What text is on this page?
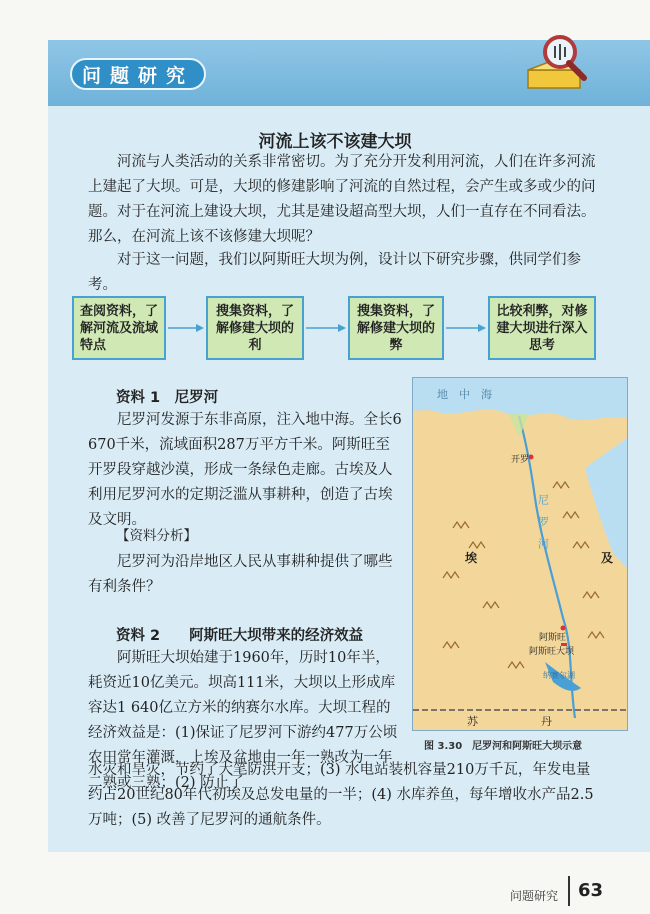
问题研究
河流上该不该建大坝

河流与人类活动的关系非常密切。为了充分开发利用河流，人们在许多河流上建起了大坝。可是，大坝的修建影响了河流的自然过程，会产生或多或少的问题。对于在河流上建设大坝，尤其是建设超高型大坝，人们一直存在不同看法。那么，在河流上该不该修建大坝呢？

对于这一问题，我们以阿斯旺大坝为例，设计以下研究步骤，供同学们参考。

查阅资料，了解河流及流域特点
搜集资料，了解修建大坝的利
搜集资料，了解修建大坝的弊
比较利弊，对修建大坝进行深入思考
资料 1　尼罗河

尼罗河发源于东非高原，注入地中海。全长6 670千米，流域面积287万平方千米。阿斯旺至开罗段穿越沙漠，形成一条绿色走廊。古埃及人利用尼罗河水的定期泛滥从事耕种，创造了古埃及文明。

【资料分析】

尼罗河为沿岸地区人民从事耕种提供了哪些有利条件？

资料 2　　阿斯旺大坝带来的经济效益

阿斯旺大坝始建于1960年，历时10年半，耗资近10亿美元。坝高111米，大坝以上形成库容达1 640亿立方米的纳赛尔水库。大坝工程的经济效益是：(1)保证了尼罗河下游约477万公顷农田常年灌溉，上埃及盆地由一年一熟改为一年二熟或三熟；(2) 防止了

水灾和旱灾，节约了大笔防洪开支；(3) 水电站装机容量210万千瓦，年发电量约占20世纪80年代初埃及总发电量的一半；(4) 水库养鱼，每年增收水产品2.5万吨；(5) 改善了尼罗河的通航条件。

地　中　海
开罗
尼　罗　河
埃	及
阿斯旺
阿斯旺大坝
纳赛尔湖
苏	丹
图 3.30　尼罗河和阿斯旺大坝示意
问题研究 63
